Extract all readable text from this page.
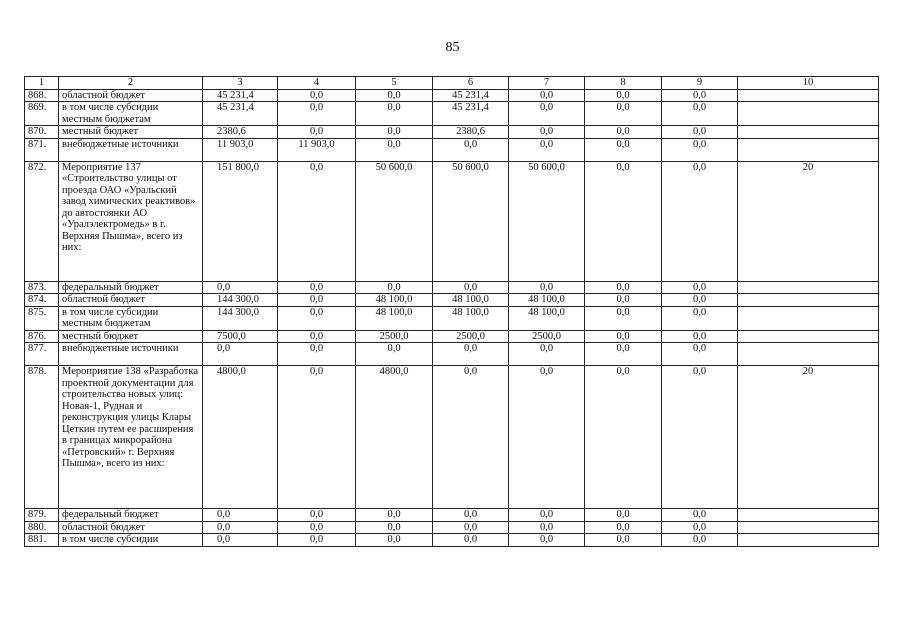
85
1	2	3	4	5	6	7	8	9	10
868.	областной бюджет	45 231,4	0,0	0,0	45 231,4	0,0	0,0	0,0	
869.	в том числе субсидии местным бюджетам	45 231,4	0,0	0,0	45 231,4	0,0	0,0	0,0	
870.	местный бюджет	2380,6	0,0	0,0	2380,6	0,0	0,0	0,0	
871.	внебюджетные источники	11 903,0	11 903,0	0,0	0,0	0,0	0,0	0,0	
872.	Мероприятие 137 «Строительство улицы от проезда ОАО «Уральский завод химических реактивов» до автостоянки АО «Уралэлектромедь» в г. Верхняя Пышма», всего из них:	151 800,0	0,0	50 600,0	50 600,0	50 600,0	0,0	0,0	20
873.	федеральный бюджет	0,0	0,0	0,0	0,0	0,0	0,0	0,0	
874.	областной бюджет	144 300,0	0,0	48 100,0	48 100,0	48 100,0	0,0	0,0	
875.	в том числе субсидии местным бюджетам	144 300,0	0,0	48 100,0	48 100,0	48 100,0	0,0	0,0	
876.	местный бюджет	7500,0	0,0	2500,0	2500,0	2500,0	0,0	0,0	
877.	внебюджетные источники	0,0	0,0	0,0	0,0	0,0	0,0	0,0	
878.	Мероприятие 138 «Разработка проектной документации для строительства новых улиц: Новая-1, Рудная и реконструкция улицы Клары Цеткин путем ее расширения в границах микрорайона «Петровский» г. Верхняя Пышма», всего из них:	4800,0	0,0	4800,0	0,0	0,0	0,0	0,0	20
879.	федеральный бюджет	0,0	0,0	0,0	0,0	0,0	0,0	0,0	
880.	областной бюджет	0,0	0,0	0,0	0,0	0,0	0,0	0,0	
881.	в том числе субсидии	0,0	0,0	0,0	0,0	0,0	0,0	0,0	
